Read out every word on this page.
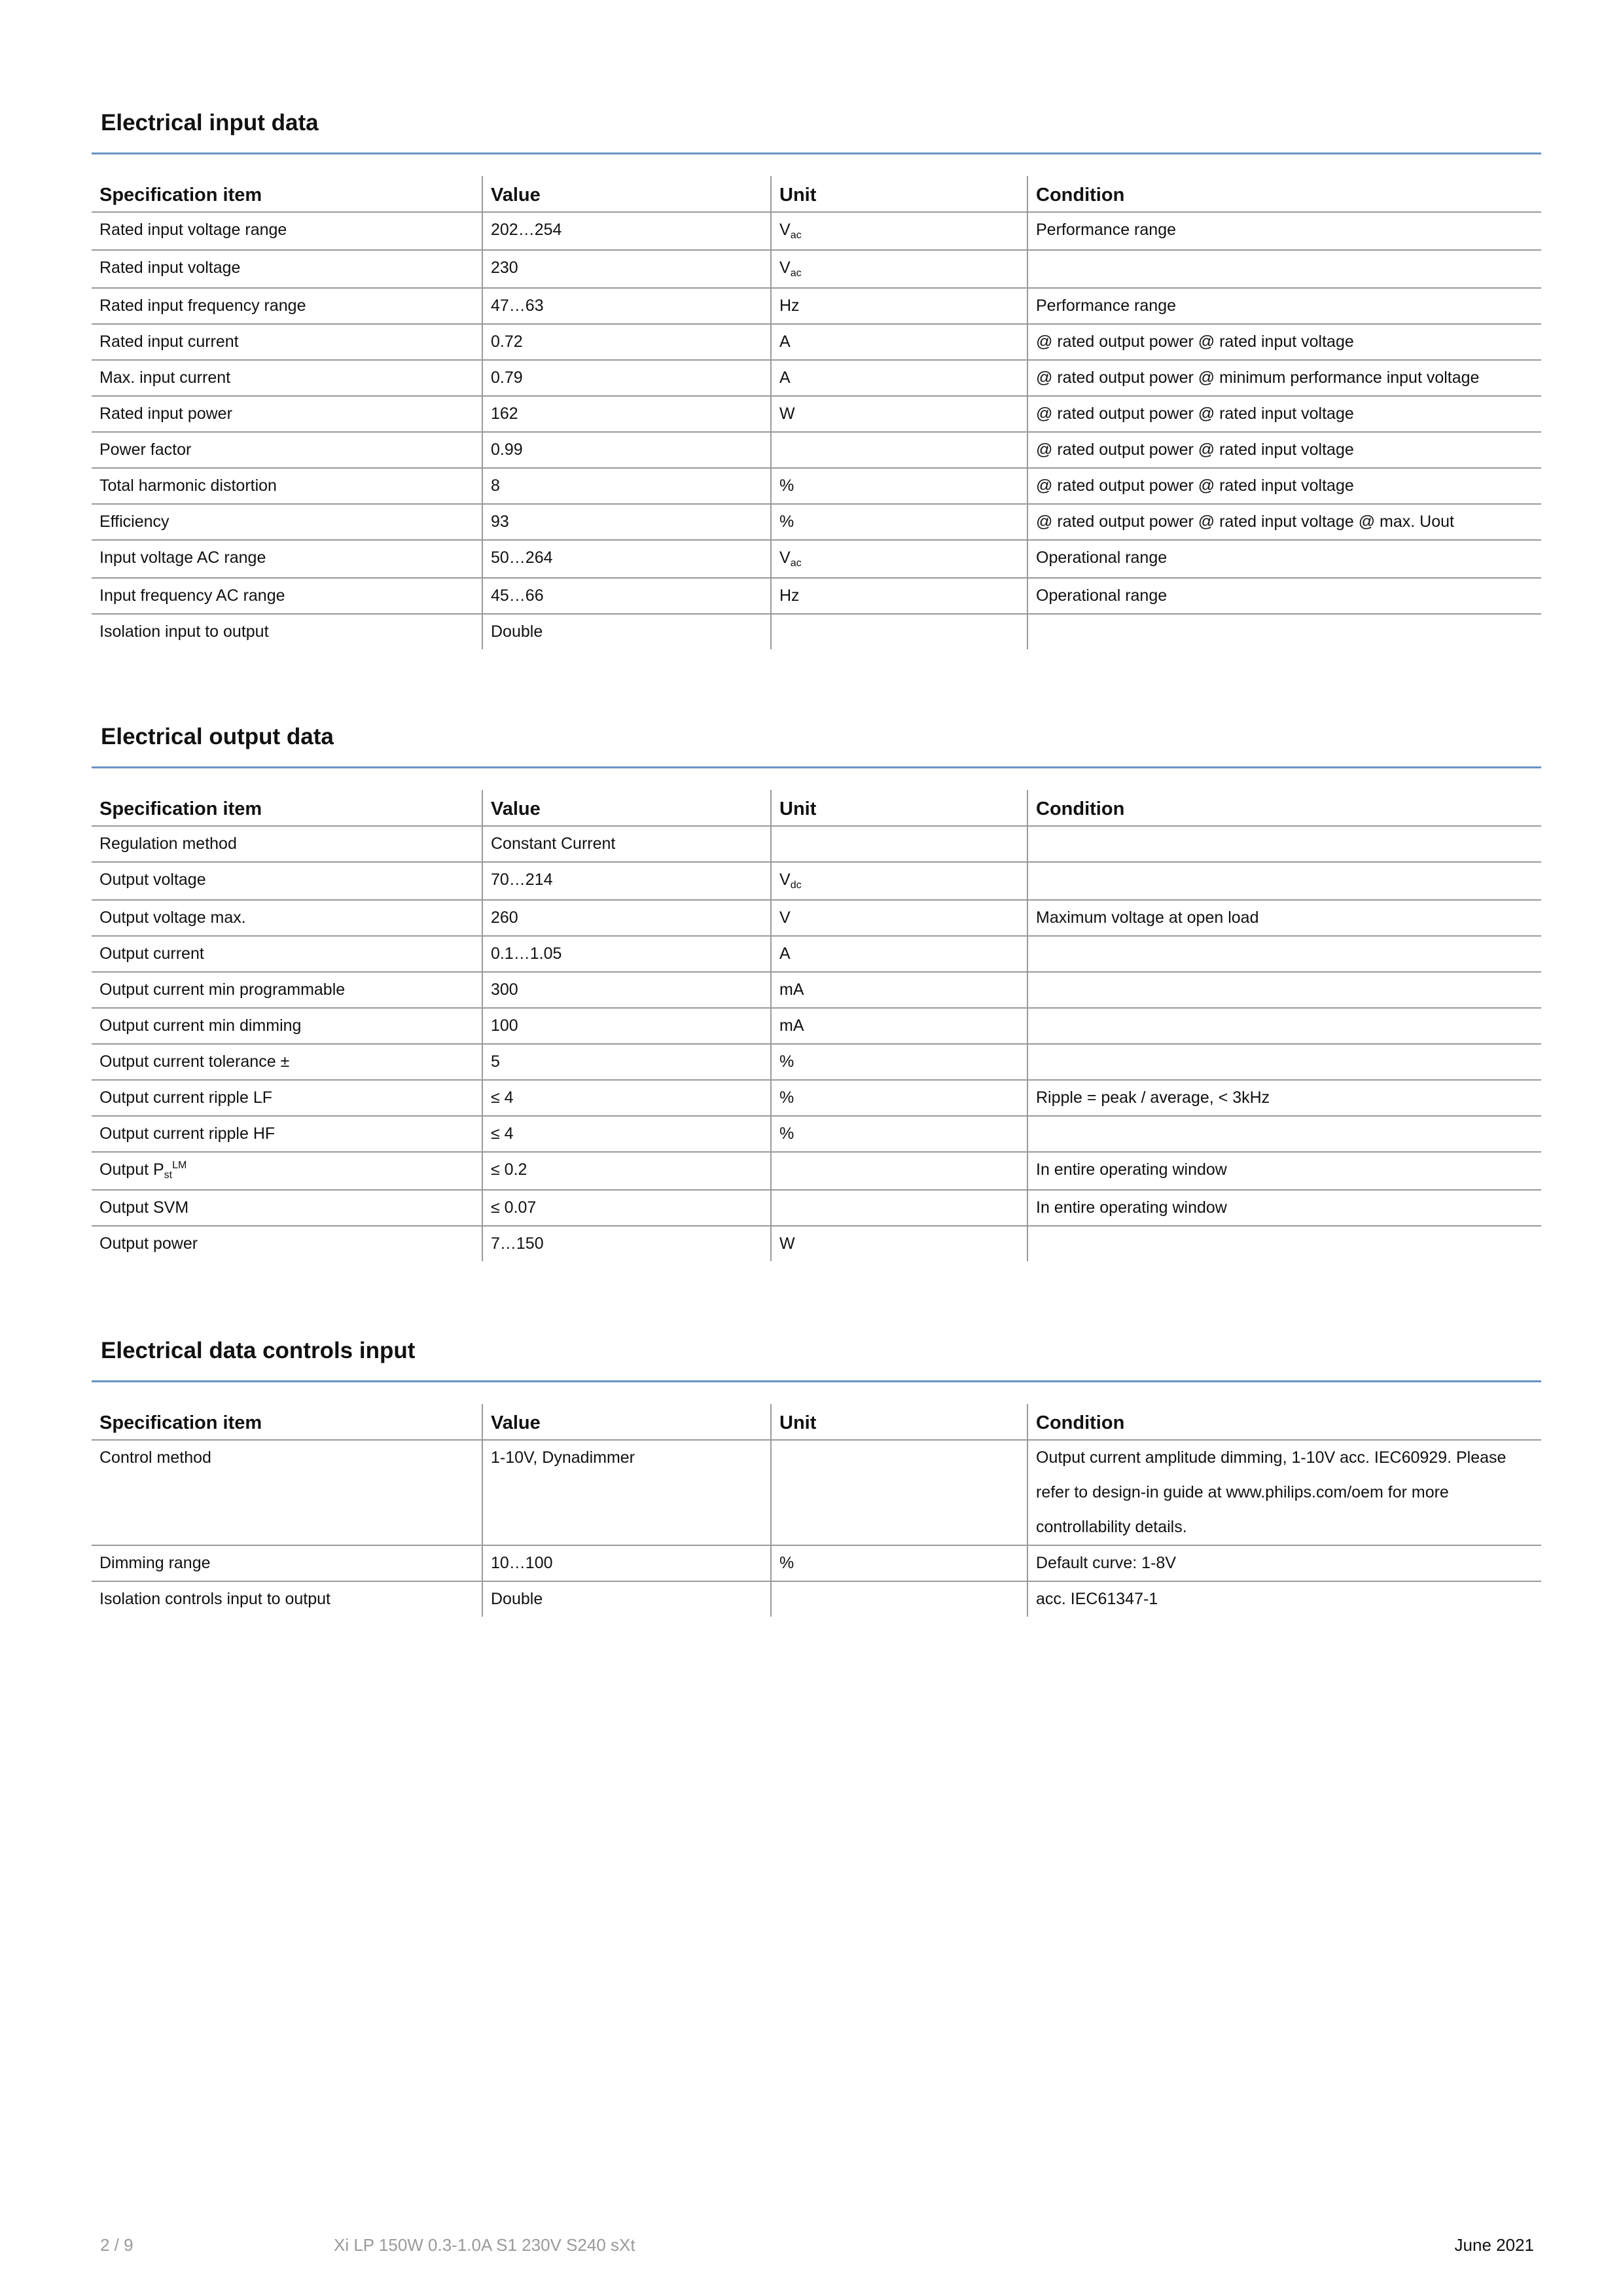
Electrical input data
Specification item	Value	Unit	Condition
Rated input voltage range	202…254	$V_{ac}$	Performance range
Rated input voltage	230	$V_{ac}$	
Rated input frequency range	47…63	Hz	Performance range
Rated input current	0.72	A	@ rated output power @ rated input voltage
Max. input current	0.79	A	@ rated output power @ minimum performance input voltage
Rated input power	162	W	@ rated output power @ rated input voltage
Power factor	0.99		@ rated output power @ rated input voltage
Total harmonic distortion	8	%	@ rated output power @ rated input voltage
Efficiency	93	%	@ rated output power @ rated input voltage @ max. Uout
Input voltage AC range	50…264	$V_{ac}$	Operational range
Input frequency AC range	45…66	Hz	Operational range
Isolation input to output	Double		
Electrical output data
Specification item	Value	Unit	Condition
Regulation method	Constant Current		
Output voltage	70…214	$V_{dc}$	
Output voltage max.	260	V	Maximum voltage at open load
Output current	0.1…1.05	A	
Output current min programmable	300	mA	
Output current min dimming	100	mA	
Output current tolerance ±	5	%	
Output current ripple LF	≤ 4	%	Ripple = peak / average, < 3kHz
Output current ripple HF	≤ 4	%	
Output $P_{st}^{LM}$	≤ 0.2		In entire operating window
Output SVM	≤ 0.07		In entire operating window
Output power	7…150	W	
Electrical data controls input
Specification item	Value	Unit	Condition
Control method	1-10V, Dynadimmer		Output current amplitude dimming, 1-10V acc. IEC60929. Please refer to design-in guide at www.philips.com/oem for more controllability details.
Dimming range	10…100	%	Default curve: 1-8V
Isolation controls input to output	Double		acc. IEC61347-1
2 / 9	Xi LP 150W 0.3-1.0A S1 230V S240 sXt	June 2021
